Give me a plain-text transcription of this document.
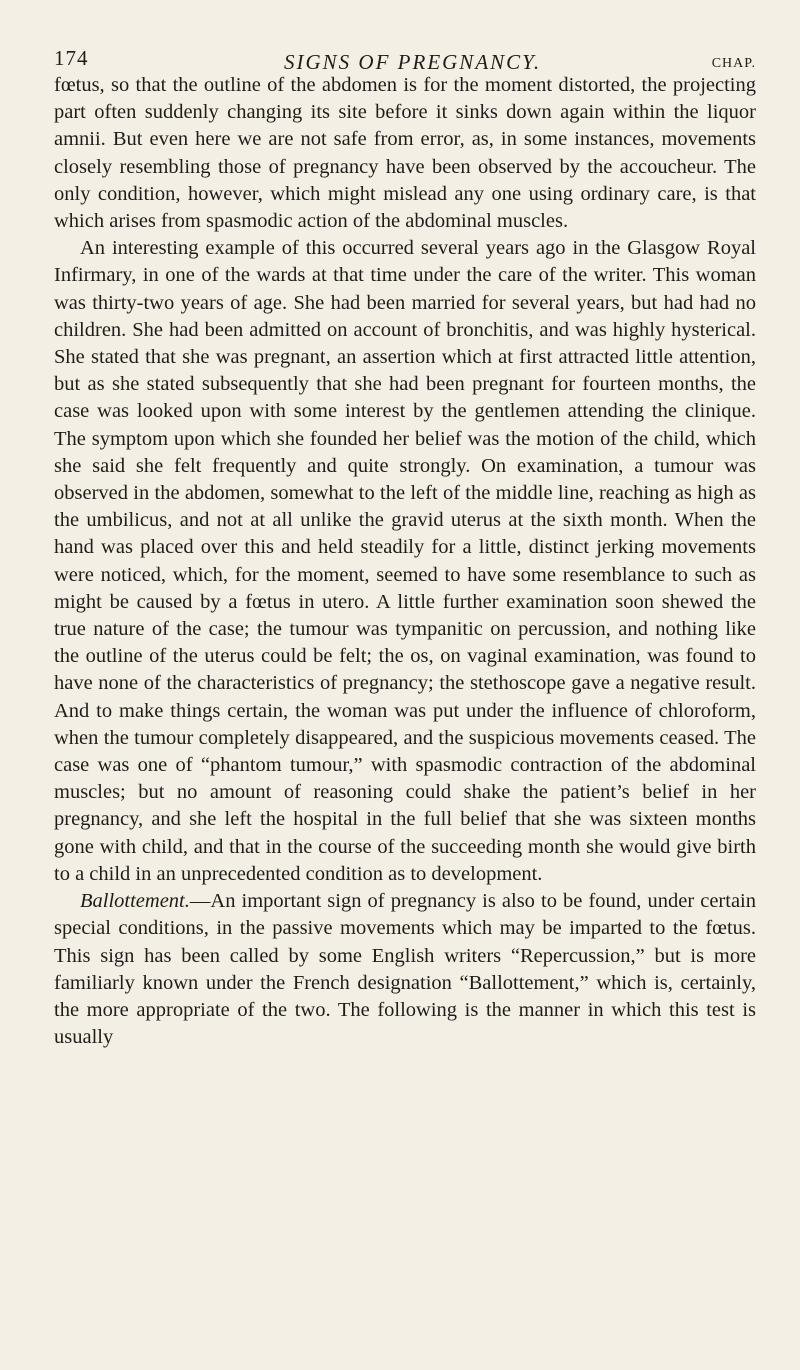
174	SIGNS OF PREGNANCY.	CHAP.

fœtus, so that the outline of the abdomen is for the moment distorted, the projecting part often suddenly changing its site before it sinks down again within the liquor amnii. But even here we are not safe from error, as, in some instances, movements closely resembling those of pregnancy have been observed by the accoucheur. The only condition, however, which might mislead any one using ordinary care, is that which arises from spasmodic action of the abdominal muscles.

An interesting example of this occurred several years ago in the Glasgow Royal Infirmary, in one of the wards at that time under the care of the writer. This woman was thirty-two years of age. She had been married for several years, but had had no children. She had been admitted on account of bronchitis, and was highly hysterical. She stated that she was pregnant, an assertion which at first attracted little attention, but as she stated subsequently that she had been pregnant for fourteen months, the case was looked upon with some interest by the gentlemen attending the clinique. The symptom upon which she founded her belief was the motion of the child, which she said she felt frequently and quite strongly. On examination, a tumour was observed in the abdomen, somewhat to the left of the middle line, reaching as high as the umbilicus, and not at all unlike the gravid uterus at the sixth month. When the hand was placed over this and held steadily for a little, distinct jerking movements were noticed, which, for the moment, seemed to have some resemblance to such as might be caused by a fœtus in utero. A little further examination soon shewed the true nature of the case; the tumour was tympanitic on percussion, and nothing like the outline of the uterus could be felt; the os, on vaginal examination, was found to have none of the characteristics of pregnancy; the stethoscope gave a negative result. And to make things certain, the woman was put under the influence of chloroform, when the tumour completely disappeared, and the suspicious movements ceased. The case was one of “phantom tumour,” with spasmodic contraction of the abdominal muscles; but no amount of reasoning could shake the patient’s belief in her pregnancy, and she left the hospital in the full belief that she was sixteen months gone with child, and that in the course of the succeeding month she would give birth to a child in an unprecedented condition as to development.

Ballottement.—An important sign of pregnancy is also to be found, under certain special conditions, in the passive movements which may be imparted to the fœtus. This sign has been called by some English writers “Repercussion,” but is more familiarly known under the French designation “Ballottement,” which is, certainly, the more appropriate of the two. The following is the manner in which this test is usually
